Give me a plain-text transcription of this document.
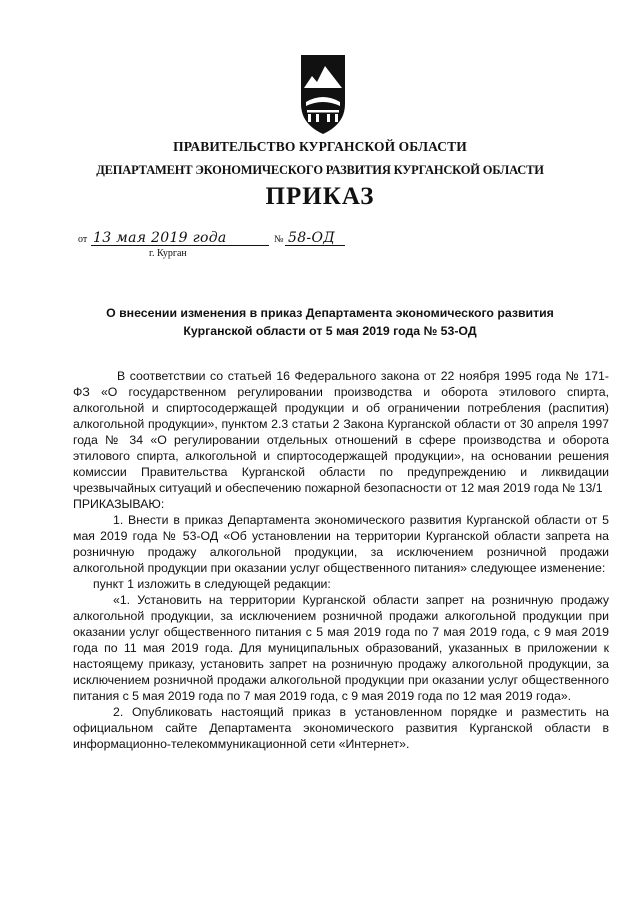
ПРАВИТЕЛЬСТВО КУРГАНСКОЙ ОБЛАСТИ
ДЕПАРТАМЕНТ ЭКОНОМИЧЕСКОГО РАЗВИТИЯ КУРГАНСКОЙ ОБЛАСТИ
ПРИКАЗ
от 13 мая 2019 года	№ 58-ОД
г. Курган
О внесении изменения в приказ Департамента экономического развития
Курганской области от 5 мая 2019 года № 53-ОД

В соответствии со статьей 16 Федерального закона от 22 ноября 1995 года № 171-ФЗ «О государственном регулировании производства и оборота этилового спирта, алкогольной и спиртосодержащей продукции и об ограничении потребления (распития) алкогольной продукции», пунктом 2.3 статьи 2 Закона Курганской области от 30 апреля 1997 года № 34 «О регулировании отдельных отношений в сфере производства и оборота этилового спирта, алкогольной и спиртосодержащей продукции», на основании решения комиссии Правительства Курганской области по предупреждению и ликвидации чрезвычайных ситуаций и обеспечению пожарной безопасности от 12 мая 2019 года № 13/1

ПРИКАЗЫВАЮ:

1. Внести в приказ Департамента экономического развития Курганской области от 5 мая 2019 года № 53-ОД «Об установлении на территории Курганской области запрета на розничную продажу алкогольной продукции, за исключением розничной продажи алкогольной продукции при оказании услуг общественного питания» следующее изменение:

пункт 1 изложить в следующей редакции:

«1. Установить на территории Курганской области запрет на розничную продажу алкогольной продукции, за исключением розничной продажи алкогольной продукции при оказании услуг общественного питания с 5 мая 2019 года по 7 мая 2019 года, с 9 мая 2019 года по 11 мая 2019 года. Для муниципальных образований, указанных в приложении к настоящему приказу, установить запрет на розничную продажу алкогольной продукции, за исключением розничной продажи алкогольной продукции при оказании услуг общественного питания с 5 мая 2019 года по 7 мая 2019 года, с 9 мая 2019 года по 12 мая 2019 года».

2. Опубликовать настоящий приказ в установленном порядке и разместить на официальном сайте Департамента экономического развития Курганской области в информационно-телекоммуникационной сети «Интернет».
